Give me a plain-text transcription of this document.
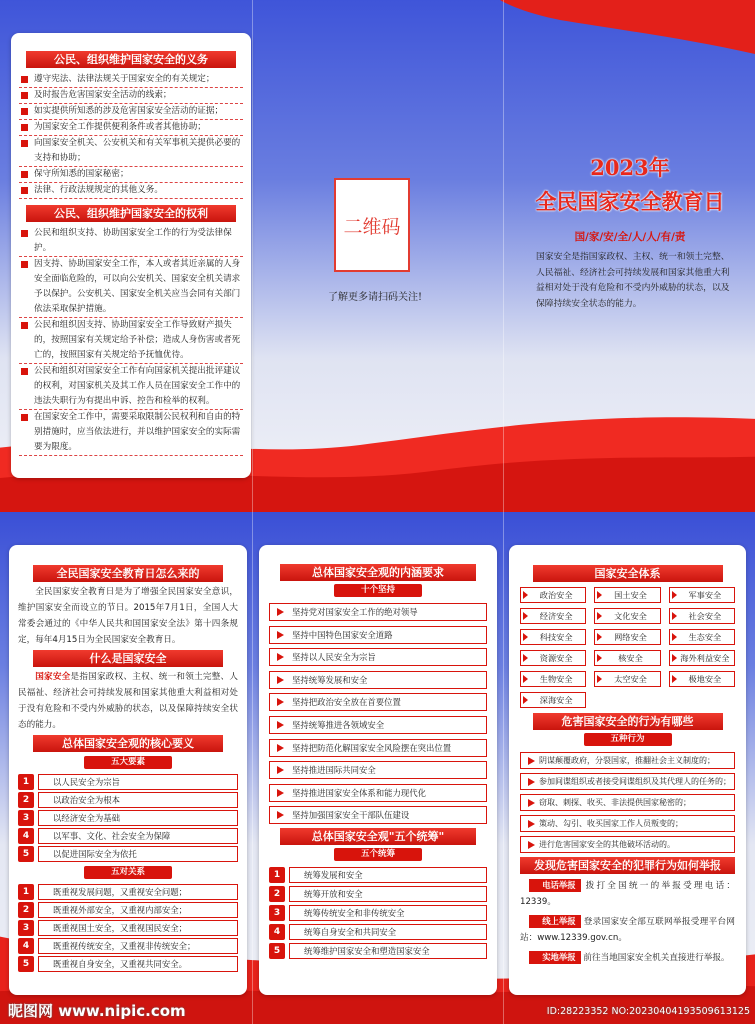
公民、组织维护国家安全的义务
遵守宪法、法律法规关于国家安全的有关规定；
及时报告危害国家安全活动的线索；
如实提供所知悉的涉及危害国家安全活动的证据；
为国家安全工作提供便利条件或者其他协助；
向国家安全机关、公安机关和有关军事机关提供必要的支持和协助；
保守所知悉的国家秘密；
法律、行政法规规定的其他义务。
公民、组织维护国家安全的权利
公民和组织支持、协助国家安全工作的行为受法律保护。
因支持、协助国家安全工作，本人或者其近亲属的人身安全面临危险的，可以向公安机关、国家安全机关请求予以保护。公安机关、国家安全机关应当会同有关部门依法采取保护措施。
公民和组织因支持、协助国家安全工作导致财产损失的，按照国家有关规定给予补偿；造成人身伤害或者死亡的，按照国家有关规定给予抚恤优待。
公民和组织对国家安全工作有向国家机关提出批评建议的权利，对国家机关及其工作人员在国家安全工作中的违法失职行为有提出申诉、控告和检举的权利。
在国家安全工作中，需要采取限制公民权利和自由的特别措施时，应当依法进行，并以维护国家安全的实际需要为限度。
二维码
了解更多请扫码关注!
2023年
全民国家安全教育日
国/家/安/全/人/人/有/责
国家安全是指国家政权、主权、统一和领土完整、人民福祉、经济社会可持续发展和国家其他重大利益相对处于没有危险和不受内外威胁的状态，以及保障持续安全状态的能力。
全民国家安全教育日怎么来的
全民国家安全教育日是为了增强全民国家安全意识，维护国家安全而设立的节日。2015年7月1日，全国人大常委会通过的《中华人民共和国国家安全法》第十四条规定，每年4月15日为全民国家安全教育日。
什么是国家安全
国家安全是指国家政权、主权、统一和领土完整、人民福祉、经济社会可持续发展和国家其他重大利益相对处于没有危险和不受内外威胁的状态，以及保障持续安全状态的能力。
总体国家安全观的核心要义
五大要素
1	以人民安全为宗旨
2	以政治安全为根本
3	以经济安全为基础
4	以军事、文化、社会安全为保障
5	以促进国际安全为依托
五对关系
1	既重视发展问题，又重视安全问题；
2	既重视外部安全，又重视内部安全；
3	既重视国土安全，又重视国民安全；
4	既重视传统安全，又重视非传统安全；
5	既重视自身安全，又重视共同安全。
总体国家安全观的内涵要求
十个坚持
坚持党对国家安全工作的绝对领导
坚持中国特色国家安全道路
坚持以人民安全为宗旨
坚持统筹发展和安全
坚持把政治安全放在首要位置
坚持统筹推进各领域安全
坚持把防范化解国家安全风险摆在突出位置
坚持推进国际共同安全
坚持推进国家安全体系和能力现代化
坚持加强国家安全干部队伍建设
总体国家安全观"五个统筹"
五个统筹
1	统筹发展和安全
2	统筹开放和安全
3	统筹传统安全和非传统安全
4	统筹自身安全和共同安全
5	统筹维护国家安全和塑造国家安全
国家安全体系
政治安全	国土安全	军事安全
经济安全	文化安全	社会安全
科技安全	网络安全	生态安全
资源安全	核安全	海外利益安全
生物安全	太空安全	极地安全
深海安全
危害国家安全的行为有哪些
五种行为
阴谋颠覆政府，分裂国家，推翻社会主义制度的；
参加间谍组织或者接受间谍组织及其代理人的任务的；
窃取、刺探、收买、非法提供国家秘密的；
策动、勾引、收买国家工作人员叛变的；
进行危害国家安全的其他破坏活动的。
发现危害国家安全的犯罪行为如何举报
电话举报 拨打全国统一的举报受理电话：12339。
线上举报 登录国家安全部互联网举报受理平台网站：www.12339.gov.cn。
实地举报 前往当地国家安全机关直接进行举报。
昵图网 www.nipic.com	ID:28223352 NO:20230404193509613125
